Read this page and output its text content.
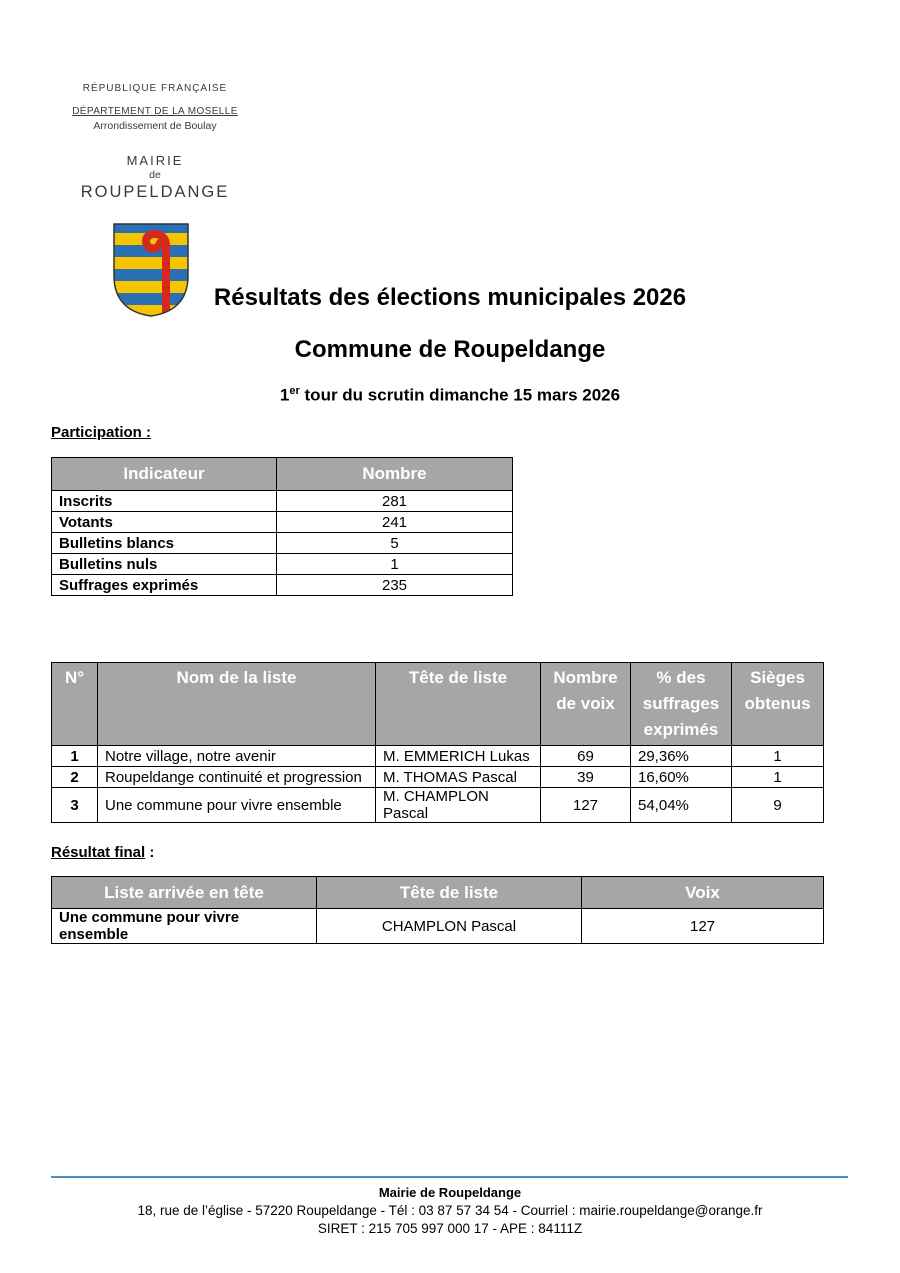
RÉPUBLIQUE FRANÇAISE
DÉPARTEMENT DE LA MOSELLE
Arrondissement de Boulay
MAIRIE
de
ROUPELDANGE
Résultats des élections municipales 2026
Commune de Roupeldange
1er tour du scrutin dimanche 15 mars 2026
Participation :
Indicateur	Nombre
Inscrits	281
Votants	241
Bulletins blancs	5
Bulletins nuls	1
Suffrages exprimés	235
N°	Nom de la liste	Tête de liste	Nombre de voix	% des suffrages exprimés	Sièges obtenus
1	Notre village, notre avenir	M. EMMERICH Lukas	69	29,36%	1
2	Roupeldange continuité et progression	M. THOMAS Pascal	39	16,60%	1
3	Une commune pour vivre ensemble	M. CHAMPLON Pascal	127	54,04%	9
Résultat final :
Liste arrivée en tête	Tête de liste	Voix
Une commune pour vivre ensemble	CHAMPLON Pascal	127
Mairie de Roupeldange
18, rue de l’église - 57220 Roupeldange - Tél : 03 87 57 34 54 - Courriel : mairie.roupeldange@orange.fr
SIRET : 215 705 997 000 17 - APE : 84111Z
